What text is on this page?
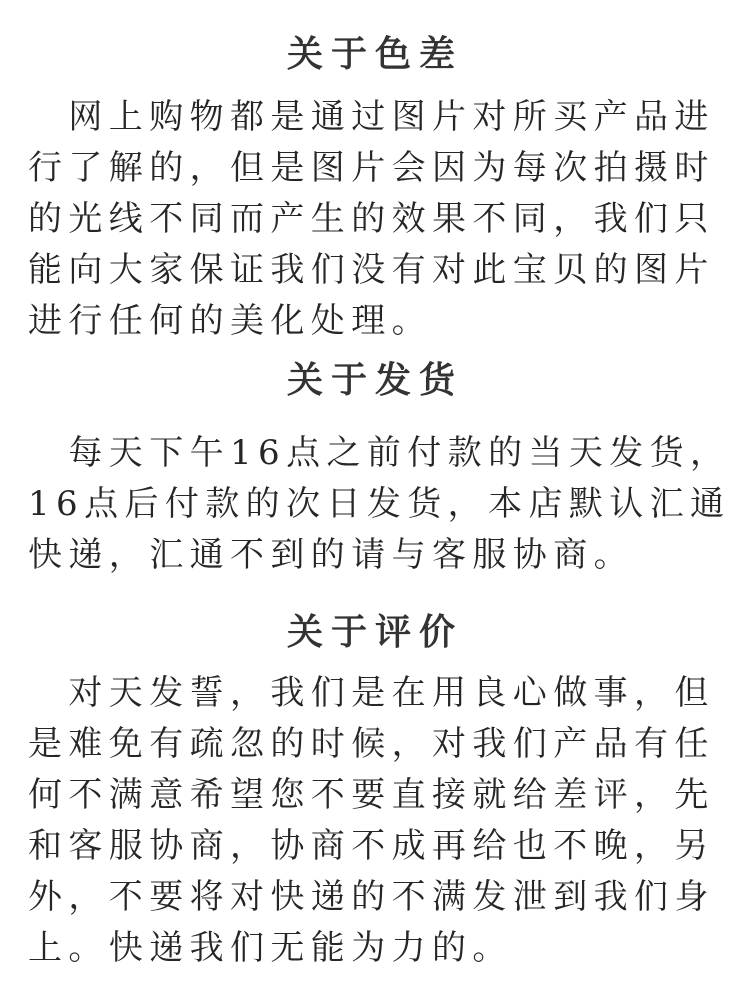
关于色差
　网上购物都是通过图片对所买产品进
行了解的，但是图片会因为每次拍摄时
的光线不同而产生的效果不同，我们只
能向大家保证我们没有对此宝贝的图片
进行任何的美化处理。
关于发货
　每天下午16点之前付款的当天发货，
16点后付款的次日发货，本店默认汇通
快递，汇通不到的请与客服协商。
关于评价
　对天发誓，我们是在用良心做事，但
是难免有疏忽的时候，对我们产品有任
何不满意希望您不要直接就给差评，先
和客服协商，协商不成再给也不晚，另
外，不要将对快递的不满发泄到我们身
上。快递我们无能为力的。
